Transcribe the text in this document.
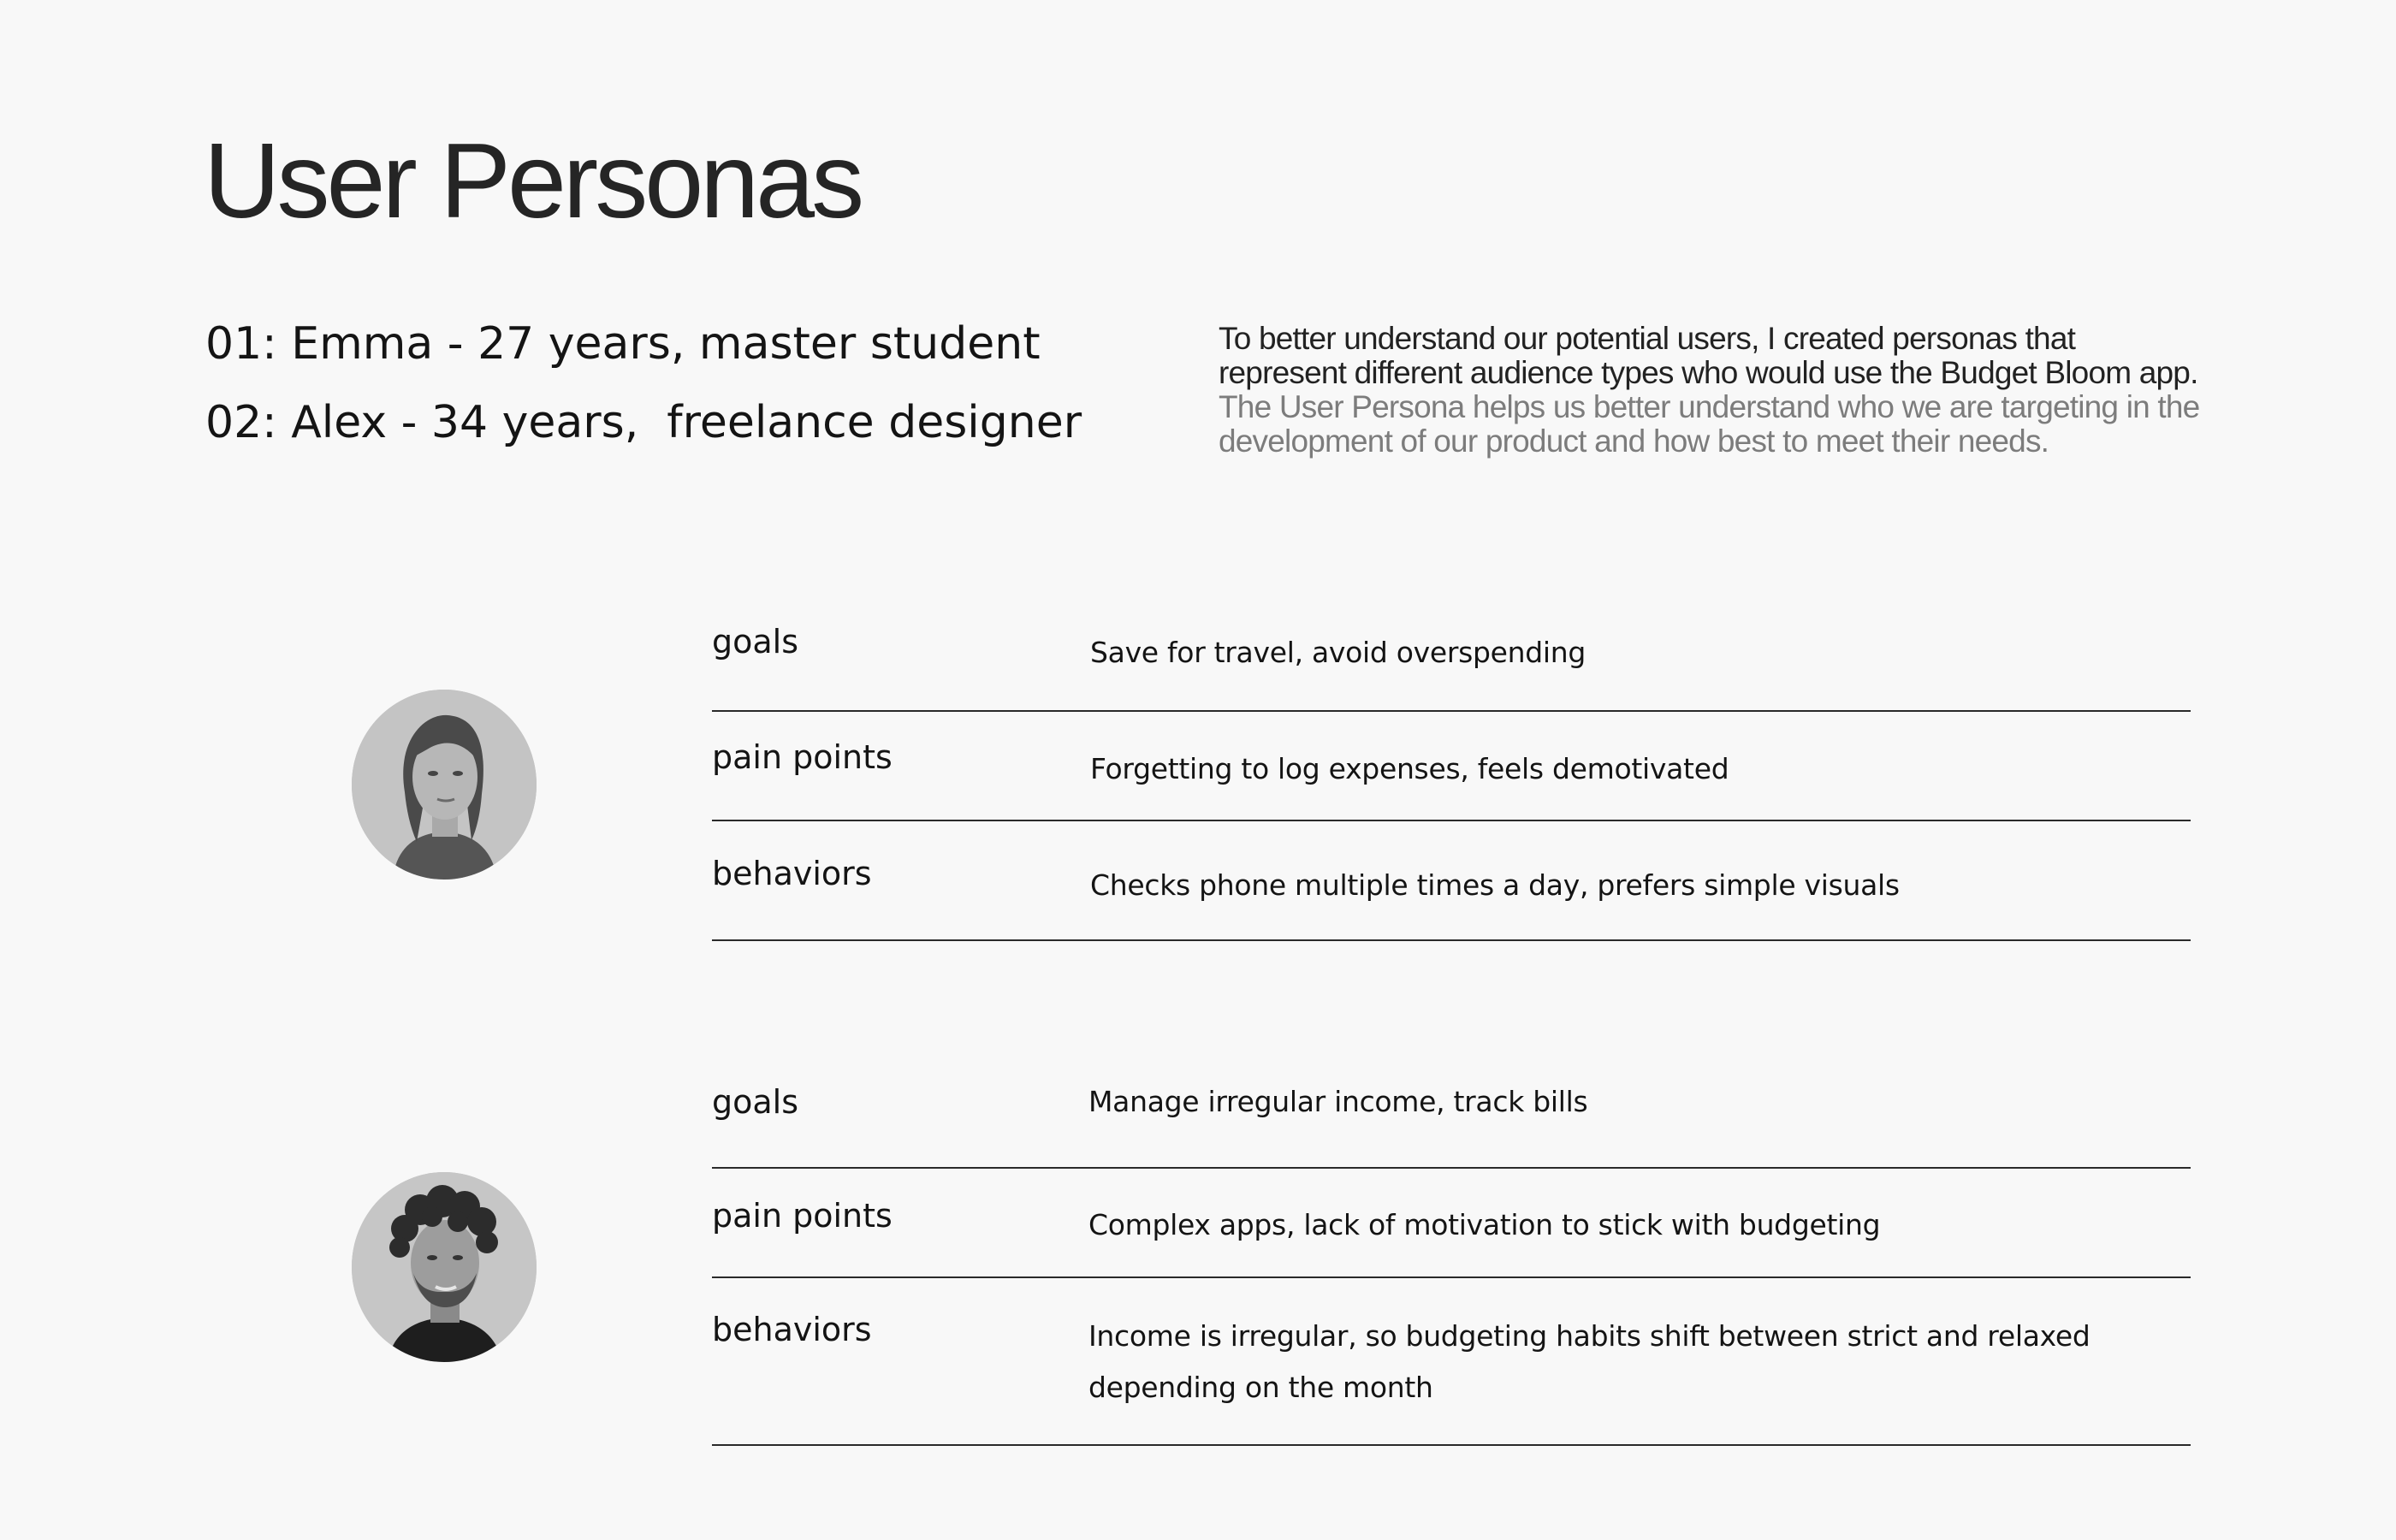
User Personas

01: Emma - 27 years, master student

02: Alex - 34 years,  freelance designer

To better understand our potential users, I created personas that represent different audience types who would use the Budget Bloom app. The User Persona helps us better understand who we are targeting in the development of our product and how best to meet their needs.
goals	Save for travel, avoid overspending
pain points	Forgetting to log expenses, feels demotivated
behaviors	Checks phone multiple times a day, prefers simple visuals
goals	Manage irregular income, track bills
pain points	Complex apps, lack of motivation to stick with budgeting
behaviors	Income is irregular, so budgeting habits shift between strict and relaxed depending on the month
